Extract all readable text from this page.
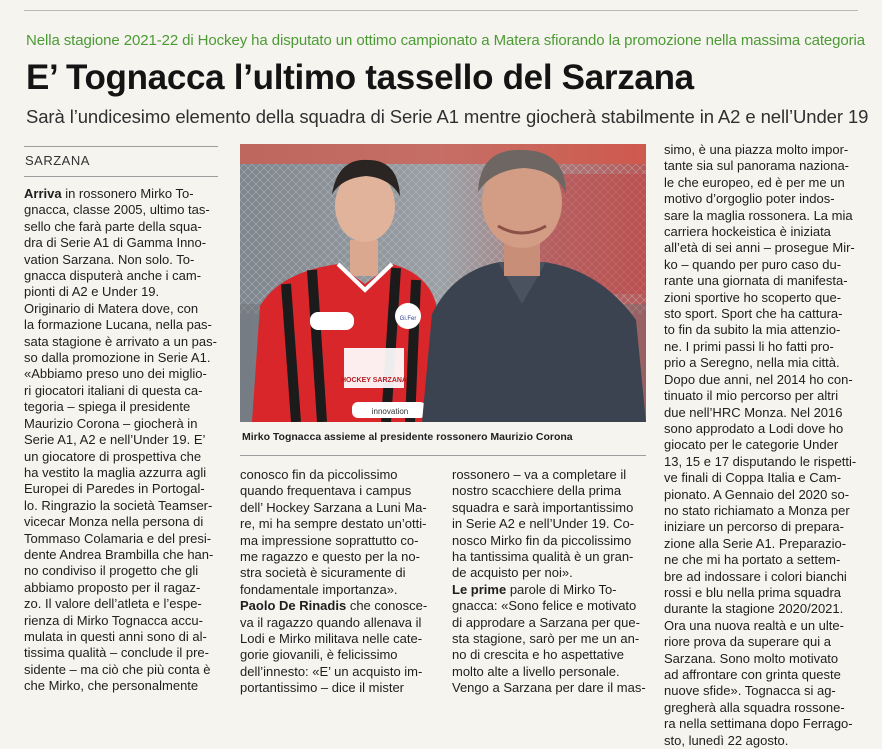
Nella stagione 2021-22 di Hockey ha disputato un ottimo campionato a Matera sfiorando la promozione nella massima categoria
E’ Tognacca l’ultimo tassello del Sarzana
Sarà l’undicesimo elemento della squadra di Serie A1 mentre giocherà stabilmente in A2 e nell’Under 19
SARZANA

Arriva in rossonero Mirko To-

gnacca, classe 2005, ultimo tas-

sello che farà parte della squa-

dra di Serie A1 di Gamma Inno-

vation Sarzana. Non solo. To-

gnacca disputerà anche i cam-

pionti di A2 e Under 19.

Originario di Matera dove, con

la formazione Lucana, nella pas-

sata stagione è arrivato a un pas-

so dalla promozione in Serie A1.

«Abbiamo preso uno dei miglio-

ri giocatori italiani di questa ca-

tegoria – spiega il presidente

Maurizio Corona – giocherà in

Serie A1, A2 e nell’Under 19. E’

un giocatore di prospettiva che

ha vestito la maglia azzurra agli

Europei di Paredes in Portogal-

lo. Ringrazio la società Teamser-

vicecar Monza nella persona di

Tommaso Colamaria e del presi-

dente Andrea Brambilla che han-

no condiviso il progetto che gli

abbiamo proposto per il ragaz-

zo. Il valore dell’atleta e l’espe-

rienza di Mirko Tognacca accu-

mulata in questi anni sono di al-

tissima qualità – conclude il pre-

sidente – ma ciò che più conta è

che Mirko, che personalmente

HOCKEY SARZANA
Gi.Fer
innovation
Mirko Tognacca assieme al presidente rossonero Maurizio Corona

conosco fin da piccolissimo

quando frequentava i campus

dell’ Hockey Sarzana a Luni Ma-

re, mi ha sempre destato un’otti-

ma impressione soprattutto co-

me ragazzo e questo per la no-

stra società è sicuramente di

fondamentale importanza».

Paolo De Rinadis che conosce-

va il ragazzo quando allenava il

Lodi e Mirko militava nelle cate-

gorie giovanili, è felicissimo

dell’innesto: «E’ un acquisto im-

portantissimo – dice il mister

rossonero – va a completare il

nostro scacchiere della prima

squadra e sarà importantissimo

in Serie A2 e nell’Under 19. Co-

nosco Mirko fin da piccolissimo

ha tantissima qualità è un gran-

de acquisto per noi».

Le prime parole di Mirko To-

gnacca: «Sono felice e motivato

di approdare a Sarzana per que-

sta stagione, sarò per me un an-

no di crescita e ho aspettative

molto alte a livello personale.

Vengo a Sarzana per dare il mas-

simo, è una piazza molto impor-

tante sia sul panorama naziona-

le che europeo, ed è per me un

motivo d’orgoglio poter indos-

sare la maglia rossonera. La mia

carriera hockeistica è iniziata

all’età di sei anni – prosegue Mir-

ko – quando per puro caso du-

rante una giornata di manifesta-

zioni sportive ho scoperto que-

sto sport. Sport che ha cattura-

to fin da subito la mia attenzio-

ne. I primi passi li ho fatti pro-

prio a Seregno, nella mia città.

Dopo due anni, nel 2014 ho con-

tinuato il mio percorso per altri

due nell’HRC Monza. Nel 2016

sono approdato a Lodi dove ho

giocato per le categorie Under

13, 15 e 17 disputando le rispetti-

ve finali di Coppa Italia e Cam-

pionato. A Gennaio del 2020 so-

no stato richiamato a Monza per

iniziare un percorso di prepara-

zione alla Serie A1. Preparazio-

ne che mi ha portato a settem-

bre ad indossare i colori bianchi

rossi e blu nella prima squadra

durante la stagione 2020/2021.

Ora una nuova realtà e un ulte-

riore prova da superare qui a

Sarzana. Sono molto motivato

ad affrontare con grinta queste

nuove sfide». Tognacca si ag-

gregherà alla squadra rossone-

ra nella settimana dopo Ferrago-

sto, lunedì 22 agosto.
